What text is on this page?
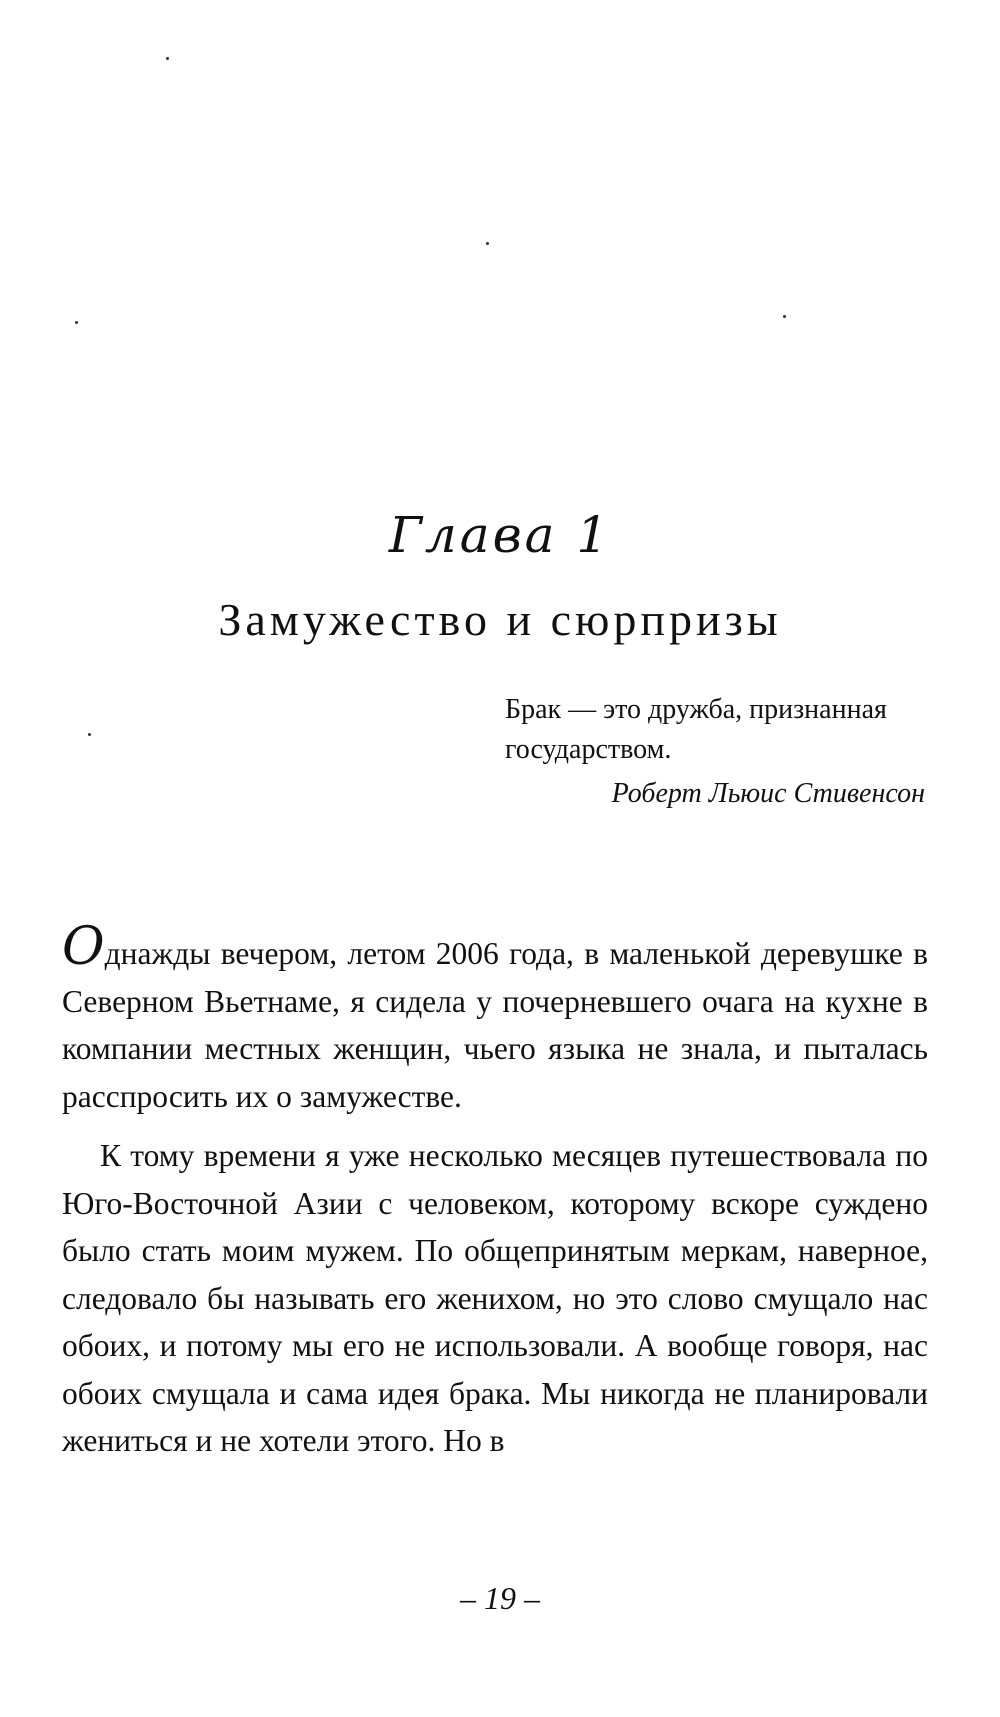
Глава 1
Замужество и сюрпризы
Брак — это дружба, признанная государством.
Роберт Льюис Стивенсон

Однажды вечером, летом 2006 года, в маленькой деревушке в Северном Вьетнаме, я сидела у почерневшего очага на кухне в компании местных женщин, чьего языка не знала, и пыталась расспросить их о замужестве.

К тому времени я уже несколько месяцев путешествовала по Юго-Восточной Азии с человеком, которому вскоре суждено было стать моим мужем. По общепринятым меркам, наверное, следовало бы называть его женихом, но это слово смущало нас обоих, и потому мы его не использовали. А вообще говоря, нас обоих смущала и сама идея брака. Мы никогда не планировали жениться и не хотели этого. Но в

– 19 –
